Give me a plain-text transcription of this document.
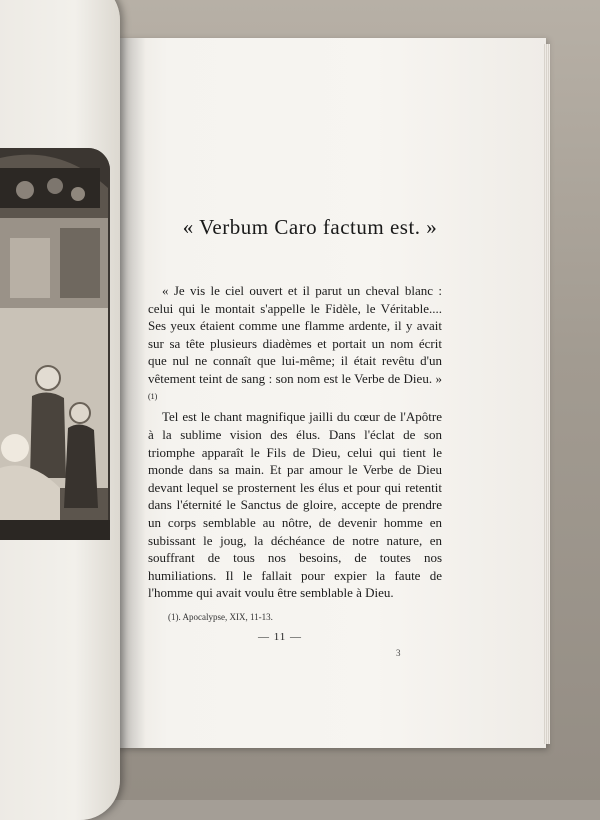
« Verbum Caro factum est. »

« Je vis le ciel ouvert et il parut un cheval blanc : celui qui le montait s'appelle le Fidèle, le Véritable.... Ses yeux étaient comme une flamme ardente, il y avait sur sa tête plusieurs diadèmes et portait un nom écrit que nul ne connaît que lui-même; il était revêtu d'un vêtement teint de sang : son nom est le Verbe de Dieu. » $^{(1)}$

Tel est le chant magnifique jailli du cœur de l'Apôtre à la sublime vision des élus. Dans l'éclat de son triomphe apparaît le Fils de Dieu, celui qui tient le monde dans sa main. Et par amour le Verbe de Dieu devant lequel se prosternent les élus et pour qui retentit dans l'éternité le Sanctus de gloire, accepte de prendre un corps semblable au nôtre, de devenir homme en subissant le joug, la déchéance de notre nature, en souffrant de tous nos besoins, de toutes nos humiliations. Il le fallait pour expier la faute de l'homme qui avait voulu être semblable à Dieu.

(1). Apocalypse, XIX, 11-13.
— 11 —
3
